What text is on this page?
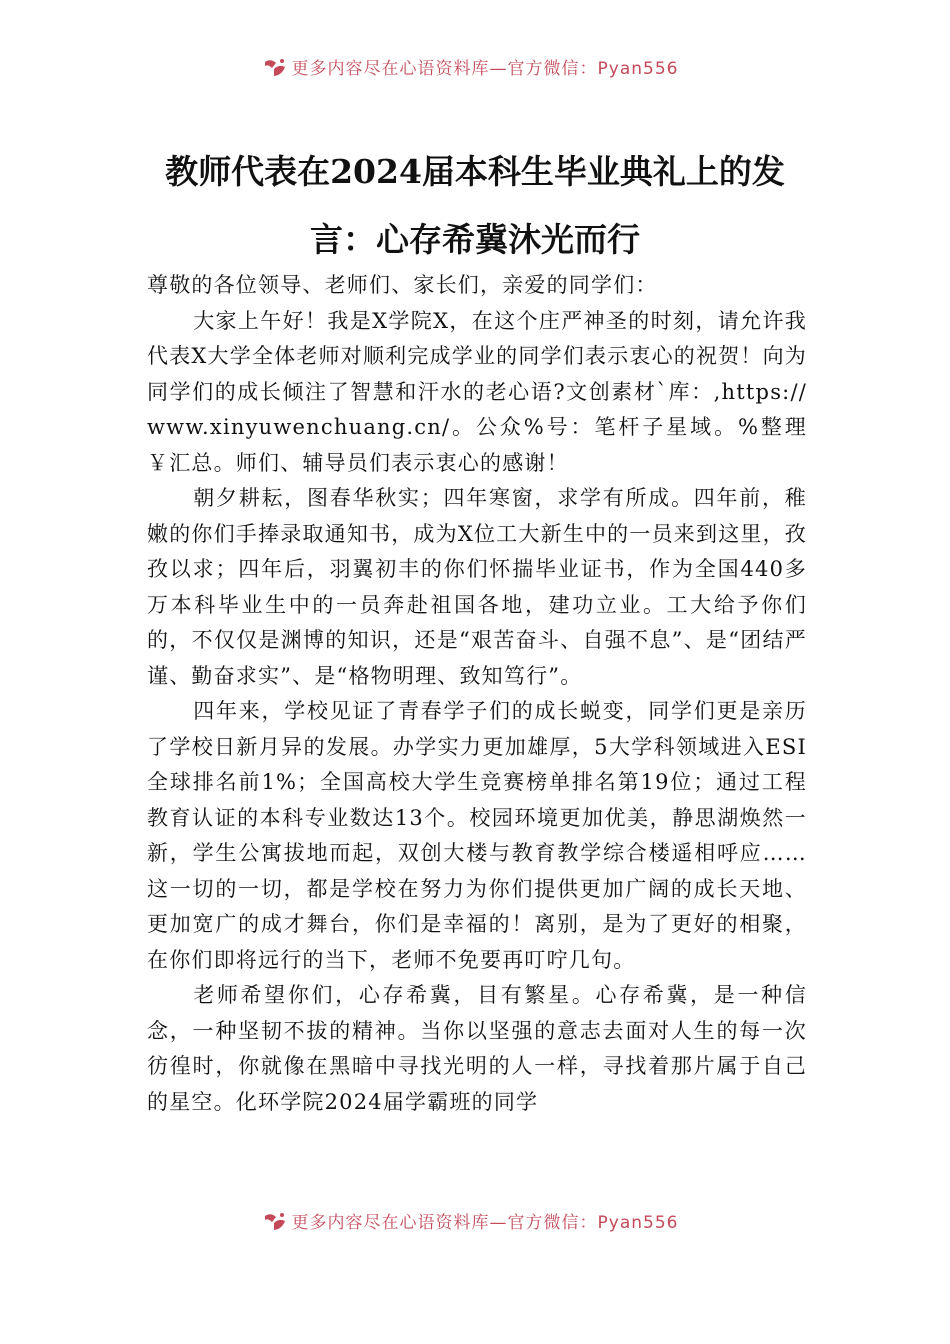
更多内容尽在心语资料库—官方微信：Pyan556
教师代表在2024届本科生毕业典礼上的发
言：心存希冀沐光而行

尊敬的各位领导、老师们、家长们，亲爱的同学们：

大家上午好！我是X学院X，在这个庄严神圣的时刻，请允许我代表X大学全体老师对顺利完成学业的同学们表示衷心的祝贺！向为同学们的成长倾注了智慧和汗水的老心语?文创素材`库：,https://www.xinyuwenchuang.cn/。公众%号：笔杆子星域。%整理￥汇总。师们、辅导员们表示衷心的感谢！

朝夕耕耘，图春华秋实；四年寒窗，求学有所成。四年前，稚嫩的你们手捧录取通知书，成为X位工大新生中的一员来到这里，孜孜以求；四年后，羽翼初丰的你们怀揣毕业证书，作为全国440多万本科毕业生中的一员奔赴祖国各地，建功立业。工大给予你们的，不仅仅是渊博的知识，还是“艰苦奋斗、自强不息”、是“团结严谨、勤奋求实”、是“格物明理、致知笃行”。

四年来，学校见证了青春学子们的成长蜕变，同学们更是亲历了学校日新月异的发展。办学实力更加雄厚，5大学科领域进入ESI全球排名前1%；全国高校大学生竞赛榜单排名第19位；通过工程教育认证的本科专业数达13个。校园环境更加优美，静思湖焕然一新，学生公寓拔地而起，双创大楼与教育教学综合楼遥相呼应……这一切的一切，都是学校在努力为你们提供更加广阔的成长天地、更加宽广的成才舞台，你们是幸福的！离别，是为了更好的相聚，在你们即将远行的当下，老师不免要再叮咛几句。

老师希望你们，心存希冀，目有繁星。心存希冀，是一种信念，一种坚韧不拔的精神。当你以坚强的意志去面对人生的每一次彷徨时，你就像在黑暗中寻找光明的人一样，寻找着那片属于自己的星空。化环学院2024届学霸班的同学

更多内容尽在心语资料库—官方微信：Pyan556
